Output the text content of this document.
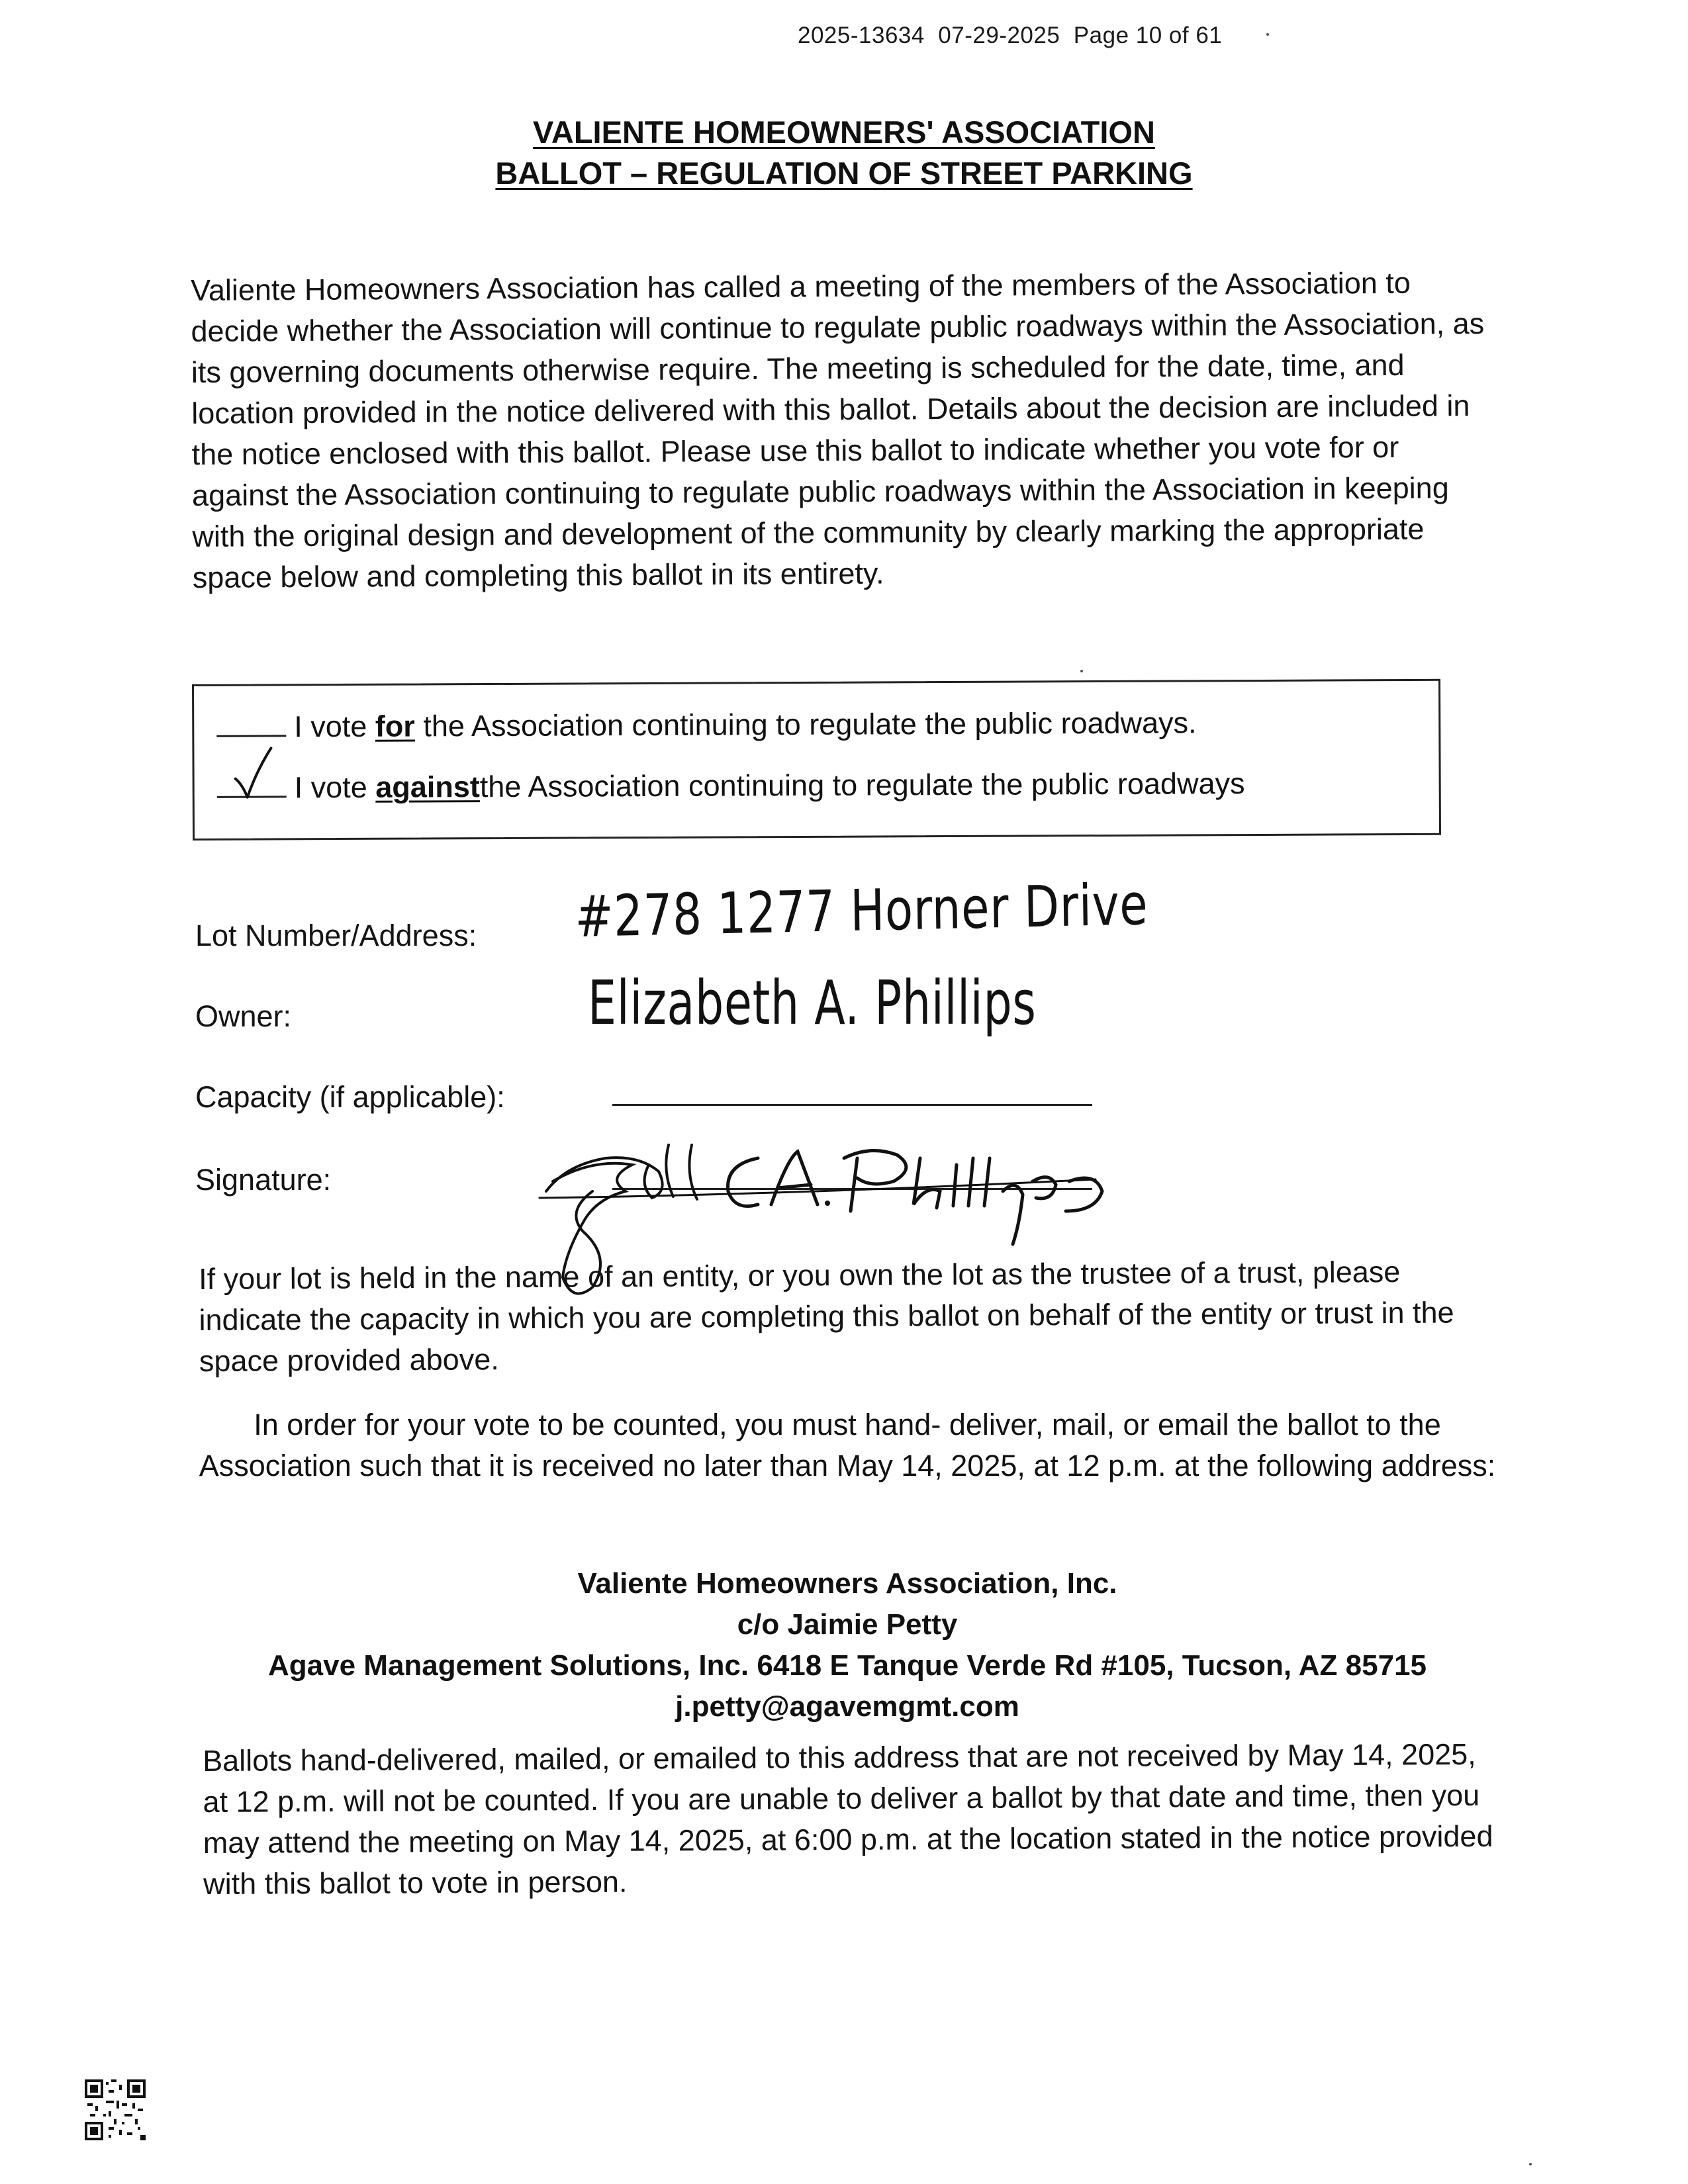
2025-13634 07-29-2025 Page 10 of 61
VALIENTE HOMEOWNERS' ASSOCIATION
BALLOT – REGULATION OF STREET PARKING
Valiente Homeowners Association has called a meeting of the members of the Association to decide whether the Association will continue to regulate public roadways within the Association, as its governing documents otherwise require. The meeting is scheduled for the date, time, and location provided in the notice delivered with this ballot. Details about the decision are included in the notice enclosed with this ballot. Please use this ballot to indicate whether you vote for or against the Association continuing to regulate public roadways within the Association in keeping with the original design and development of the community by clearly marking the appropriate space below and completing this ballot in its entirety.
I vote for the Association continuing to regulate the public roadways.
I vote againstthe Association continuing to regulate the public roadways
Lot Number/Address: #278 1277 Horner Drive
Owner:	Elizabeth A. Phillips
Capacity (if applicable):
Signature:
If your lot is held in the name of an entity, or you own the lot as the trustee of a trust, please indicate the capacity in which you are completing this ballot on behalf of the entity or trust in the space provided above.
In order for your vote to be counted, you must hand- deliver, mail, or email the ballot to the Association such that it is received no later than May 14, 2025, at 12 p.m. at the following address:
Valiente Homeowners Association, Inc.
c/o Jaimie Petty
Agave Management Solutions, Inc. 6418 E Tanque Verde Rd #105, Tucson, AZ 85715
j.petty@agavemgmt.com
Ballots hand-delivered, mailed, or emailed to this address that are not received by May 14, 2025, at 12 p.m. will not be counted. If you are unable to deliver a ballot by that date and time, then you may attend the meeting on May 14, 2025, at 6:00 p.m. at the location stated in the notice provided with this ballot to vote in person.
